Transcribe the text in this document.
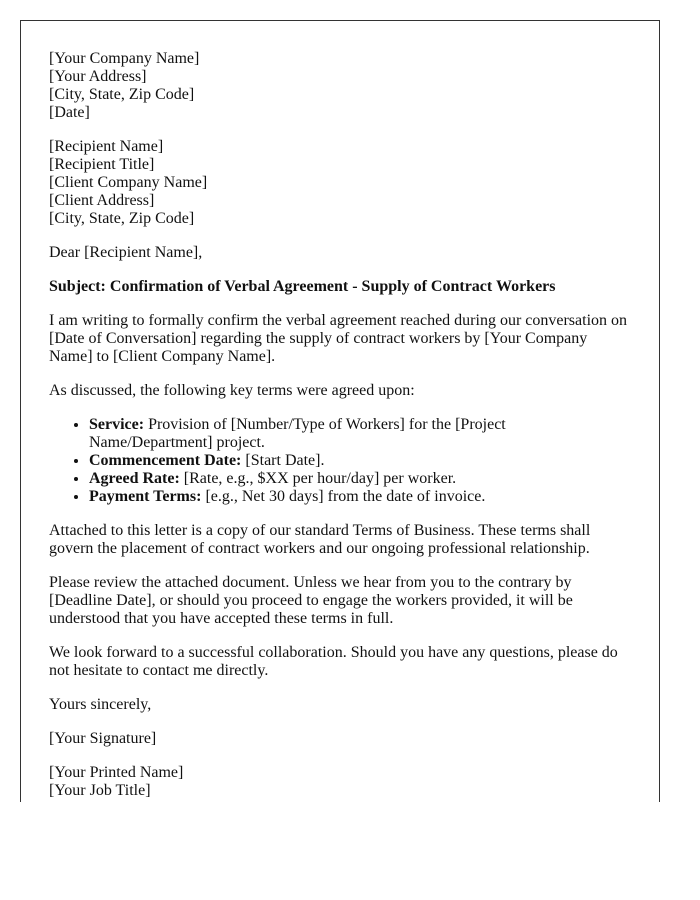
[Your Company Name]
[Your Address]
[City, State, Zip Code]
[Date]
[Recipient Name]
[Recipient Title]
[Client Company Name]
[Client Address]
[City, State, Zip Code]

Dear [Recipient Name],

Subject: Confirmation of Verbal Agreement - Supply of Contract Workers

I am writing to formally confirm the verbal agreement reached during our conversation on [Date of Conversation] regarding the supply of contract workers by [Your Company Name] to [Client Company Name].

As discussed, the following key terms were agreed upon:

• Service: Provision of [Number/Type of Workers] for the [Project Name/Department] project.
• Commencement Date: [Start Date].
• Agreed Rate: [Rate, e.g., $XX per hour/day] per worker.
• Payment Terms: [e.g., Net 30 days] from the date of invoice.

Attached to this letter is a copy of our standard Terms of Business. These terms shall govern the placement of contract workers and our ongoing professional relationship.

Please review the attached document. Unless we hear from you to the contrary by [Deadline Date], or should you proceed to engage the workers provided, it will be understood that you have accepted these terms in full.

We look forward to a successful collaboration. Should you have any questions, please do not hesitate to contact me directly.

Yours sincerely,

[Your Signature]

[Your Printed Name]
[Your Job Title]
